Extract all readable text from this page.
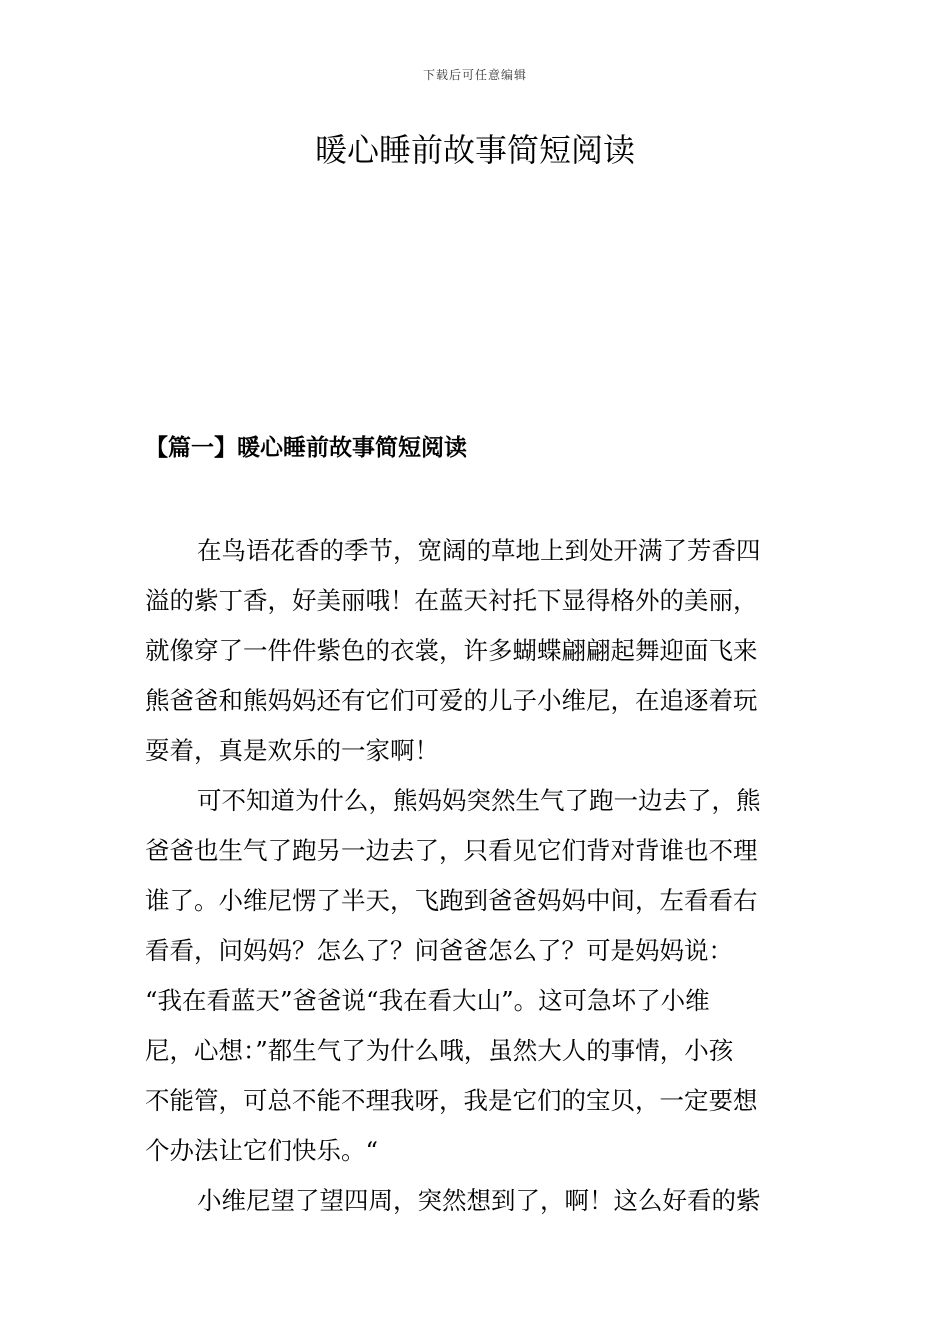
下载后可任意编辑
暖心睡前故事简短阅读
【篇一】暖心睡前故事简短阅读
在鸟语花香的季节，宽阔的草地上到处开满了芳香四
溢的紫丁香，好美丽哦！在蓝天衬托下显得格外的美丽，
就像穿了一件件紫色的衣裳，许多蝴蝶翩翩起舞迎面飞来
熊爸爸和熊妈妈还有它们可爱的儿子小维尼，在追逐着玩
耍着，真是欢乐的一家啊！
可不知道为什么，熊妈妈突然生气了跑一边去了，熊
爸爸也生气了跑另一边去了，只看见它们背对背谁也不理
谁了。小维尼愣了半天，飞跑到爸爸妈妈中间，左看看右
看看，问妈妈？怎么了？问爸爸怎么了？可是妈妈说：
“我在看蓝天”爸爸说“我在看大山”。这可急坏了小维
尼，心想：”都生气了为什么哦，虽然大人的事情，小孩
不能管，可总不能不理我呀，我是它们的宝贝，一定要想
个办法让它们快乐。“
小维尼望了望四周，突然想到了，啊！这么好看的紫
